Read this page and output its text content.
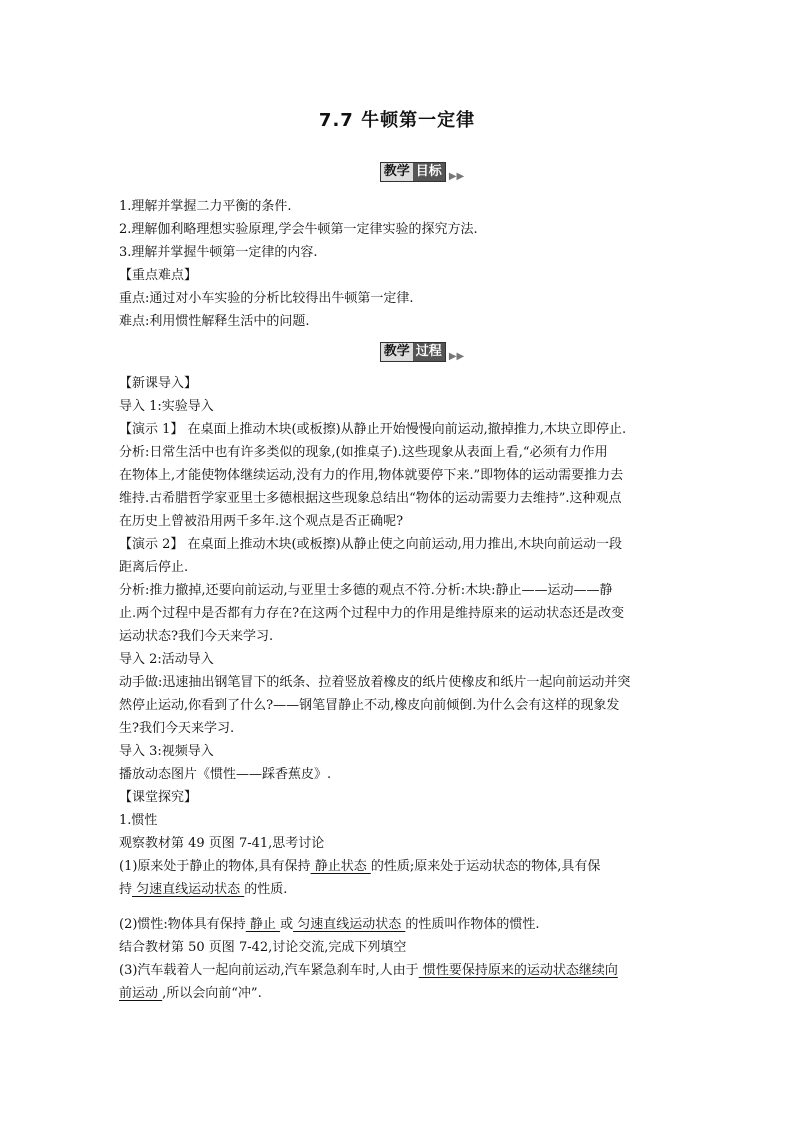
7.7 牛顿第一定律
教学 目标 ▶▶
1.理解并掌握二力平衡的条件.
2.理解伽利略理想实验原理,学会牛顿第一定律实验的探究方法.
3.理解并掌握牛顿第一定律的内容.
【重点难点】
重点:通过对小车实验的分析比较得出牛顿第一定律.
难点:利用惯性解释生活中的问题.
教学 过程 ▶▶
【新课导入】
导入 1:实验导入
【演示 1】 在桌面上推动木块(或板擦)从静止开始慢慢向前运动,撤掉推力,木块立即停止.
分析:日常生活中也有许多类似的现象,(如推桌子).这些现象从表面上看,“必须有力作用
在物体上,才能使物体继续运动,没有力的作用,物体就要停下来.”即物体的运动需要推力去
维持.古希腊哲学家亚里士多德根据这些现象总结出“物体的运动需要力去维持”.这种观点
在历史上曾被沿用两千多年.这个观点是否正确呢?
【演示 2】 在桌面上推动木块(或板擦)从静止使之向前运动,用力推出,木块向前运动一段
距离后停止.
分析:推力撤掉,还要向前运动,与亚里士多德的观点不符.分析:木块:静止——运动——静
止.两个过程中是否都有力存在?在这两个过程中力的作用是维持原来的运动状态还是改变
运动状态?我们今天来学习.
导入 2:活动导入
动手做:迅速抽出钢笔冒下的纸条、拉着竖放着橡皮的纸片使橡皮和纸片一起向前运动并突
然停止运动,你看到了什么?——钢笔冒静止不动,橡皮向前倾倒.为什么会有这样的现象发
生?我们今天来学习.
导入 3:视频导入
播放动态图片《惯性——踩香蕉皮》.
【课堂探究】
1.惯性
观察教材第 49 页图 7-41,思考讨论
(1)原来处于静止的物体,具有保持 静止状态 的性质;原来处于运动状态的物体,具有保
持 匀速直线运动状态 的性质.
(2)惯性:物体具有保持 静止 或 匀速直线运动状态 的性质叫作物体的惯性.
结合教材第 50 页图 7-42,讨论交流,完成下列填空
(3)汽车载着人一起向前运动,汽车紧急刹车时,人由于 惯性要保持原来的运动状态继续向
前运动 ,所以会向前“冲”.
